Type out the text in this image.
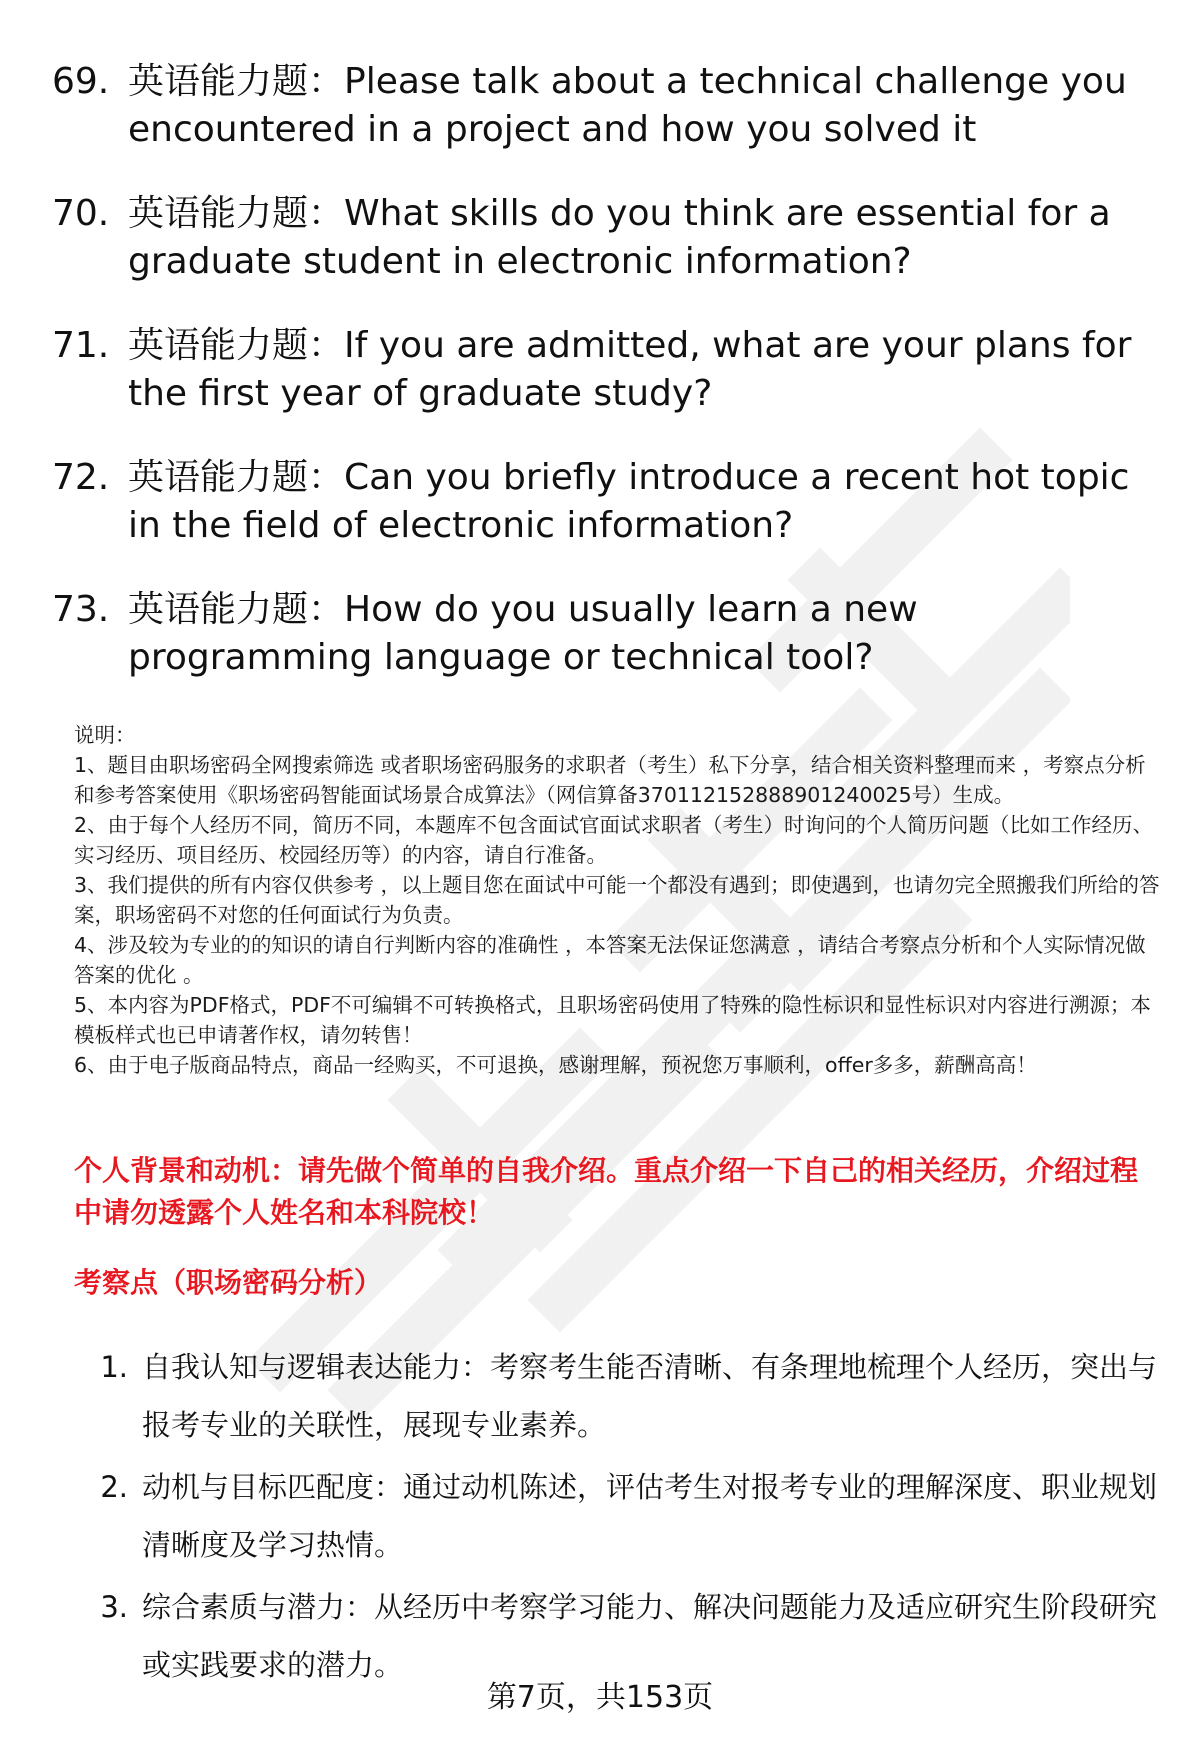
69. 英语能力题：Please talk about a technical challenge you encountered in a project and how you solved it
70. 英语能力题：What skills do you think are essential for a graduate student in electronic information?
71. 英语能力题：If you are admitted, what are your plans for the first year of graduate study?
72. 英语能力题：Can you briefly introduce a recent hot topic in the field of electronic information?
73. 英语能力题：How do you usually learn a new programming language or technical tool?

说明：

1、题目由职场密码全网搜索筛选 或者职场密码服务的求职者（考生）私下分享，结合相关资料整理而来 ，考察点分析和参考答案使用《职场密码智能面试场景合成算法》（网信算备370112152888901240025号）生成。

2、由于每个人经历不同，简历不同，本题库不包含面试官面试求职者（考生）时询问的个人简历问题（比如工作经历、实习经历、项目经历、校园经历等）的内容，请自行准备。

3、我们提供的所有内容仅供参考 ，以上题目您在面试中可能一个都没有遇到；即使遇到，也请勿完全照搬我们所给的答案，职场密码不对您的任何面试行为负责。

4、涉及较为专业的的知识的请自行判断内容的准确性 ，本答案无法保证您满意 ，请结合考察点分析和个人实际情况做答案的优化 。

5、本内容为PDF格式，PDF不可编辑不可转换格式，且职场密码使用了特殊的隐性标识和显性标识对内容进行溯源；本模板样式也已申请著作权，请勿转售！

6、由于电子版商品特点，商品一经购买，不可退换，感谢理解，预祝您万事顺利，offer多多，薪酬高高！

个人背景和动机：请先做个简单的自我介绍。重点介绍一下自己的相关经历，介绍过程中请勿透露个人姓名和本科院校！
考察点（职场密码分析）
1. 自我认知与逻辑表达能力：考察考生能否清晰、有条理地梳理个人经历，突出与报考专业的关联性，展现专业素养。
2. 动机与目标匹配度：通过动机陈述，评估考生对报考专业的理解深度、职业规划清晰度及学习热情。
3. 综合素质与潜力：从经历中考察学习能力、解决问题能力及适应研究生阶段研究或实践要求的潜力。
第7页，共153页
